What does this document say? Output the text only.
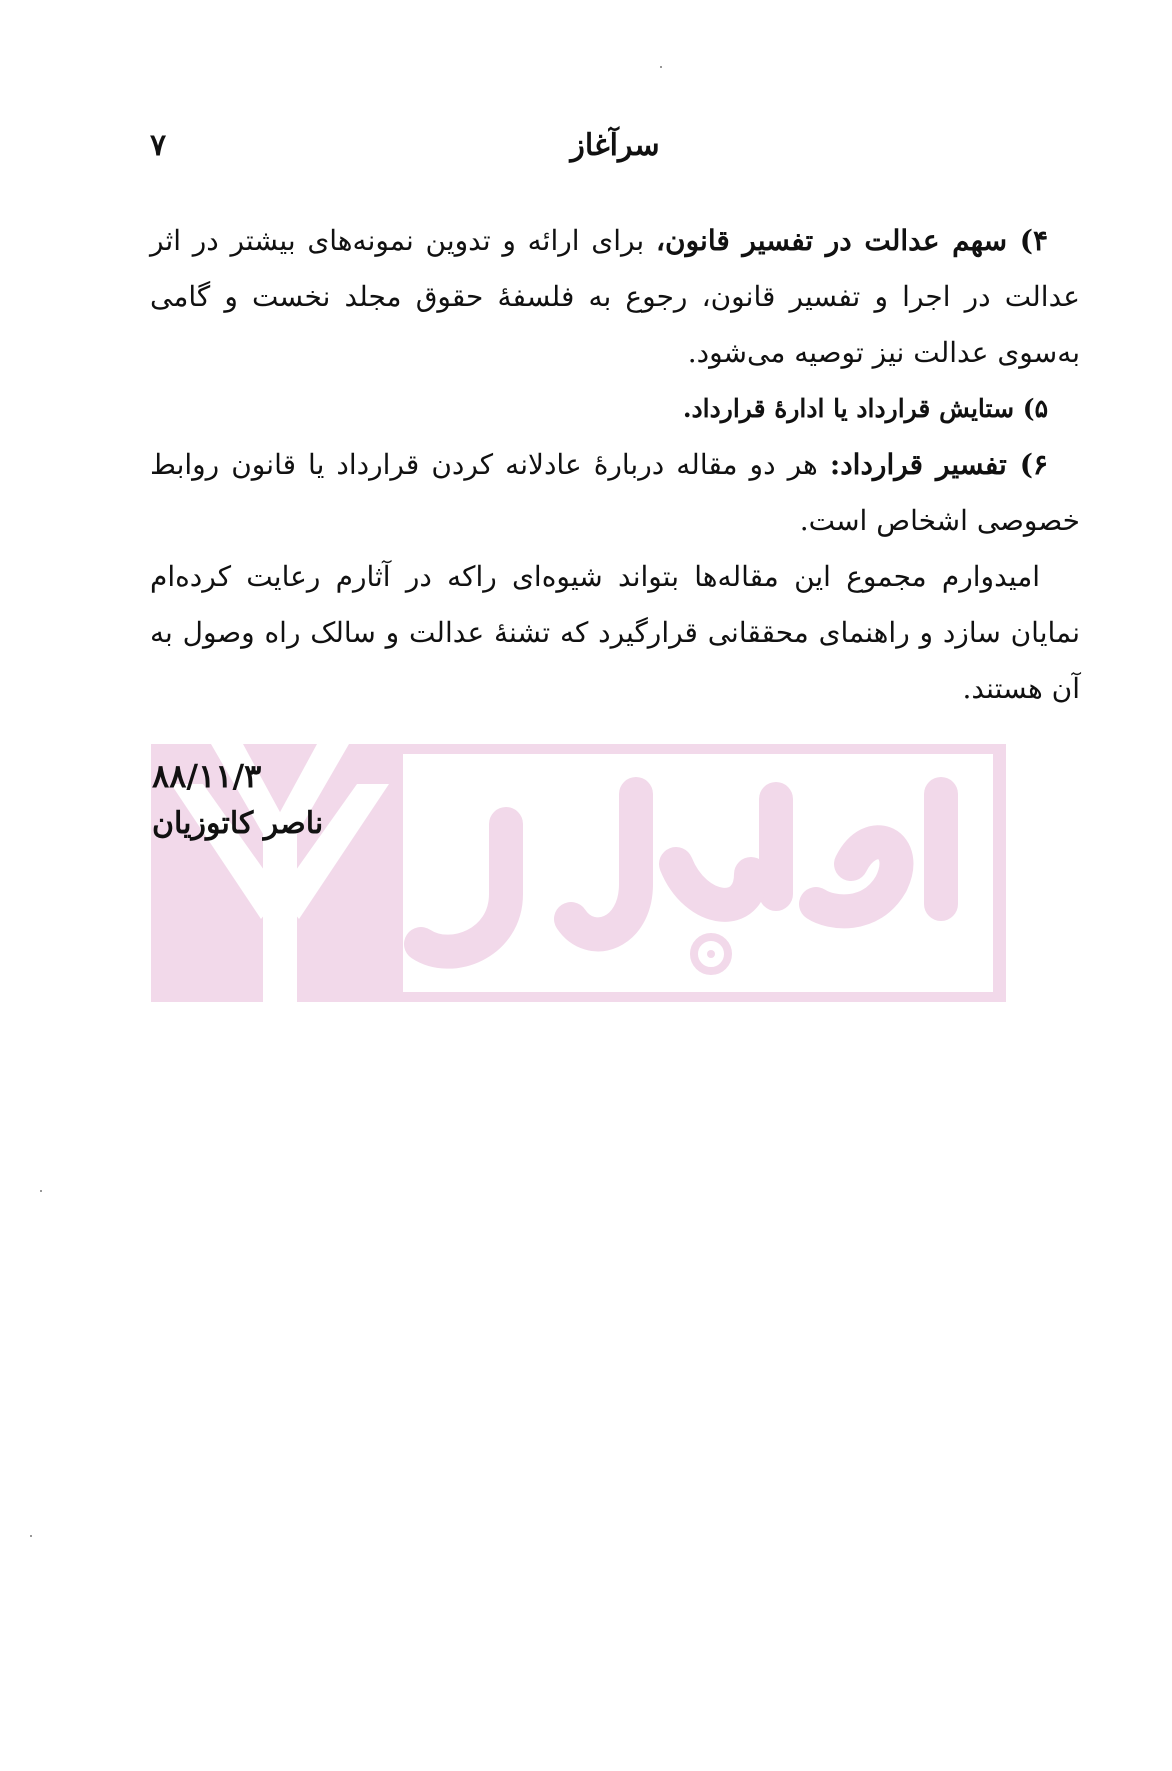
۷	سرآغاز

۴) سهم عدالت در تفسیر قانون، برای ارائه و تدوین نمونه‌های بیشتر در اثر عدالت در اجرا و تفسیر قانون، رجوع به فلسفهٔ حقوق مجلد نخست و گامی به‌سوی عدالت نیز توصیه می‌شود.

۵) ستایش قرارداد یا ادارهٔ قرارداد.

۶) تفسیر قرارداد: هر دو مقاله دربارهٔ عادلانه کردن قرارداد یا قانون روابط خصوصی اشخاص است.

امیدوارم مجموع این مقاله‌ها بتواند شیوه‌ای راکه در آثارم رعایت کرده‌ام نمایان سازد و راهنمای محققانی قرارگیرد که تشنهٔ عدالت و سالک راه وصول به آن هستند.

۸۸/۱۱/۳
ناصر کاتوزیان
